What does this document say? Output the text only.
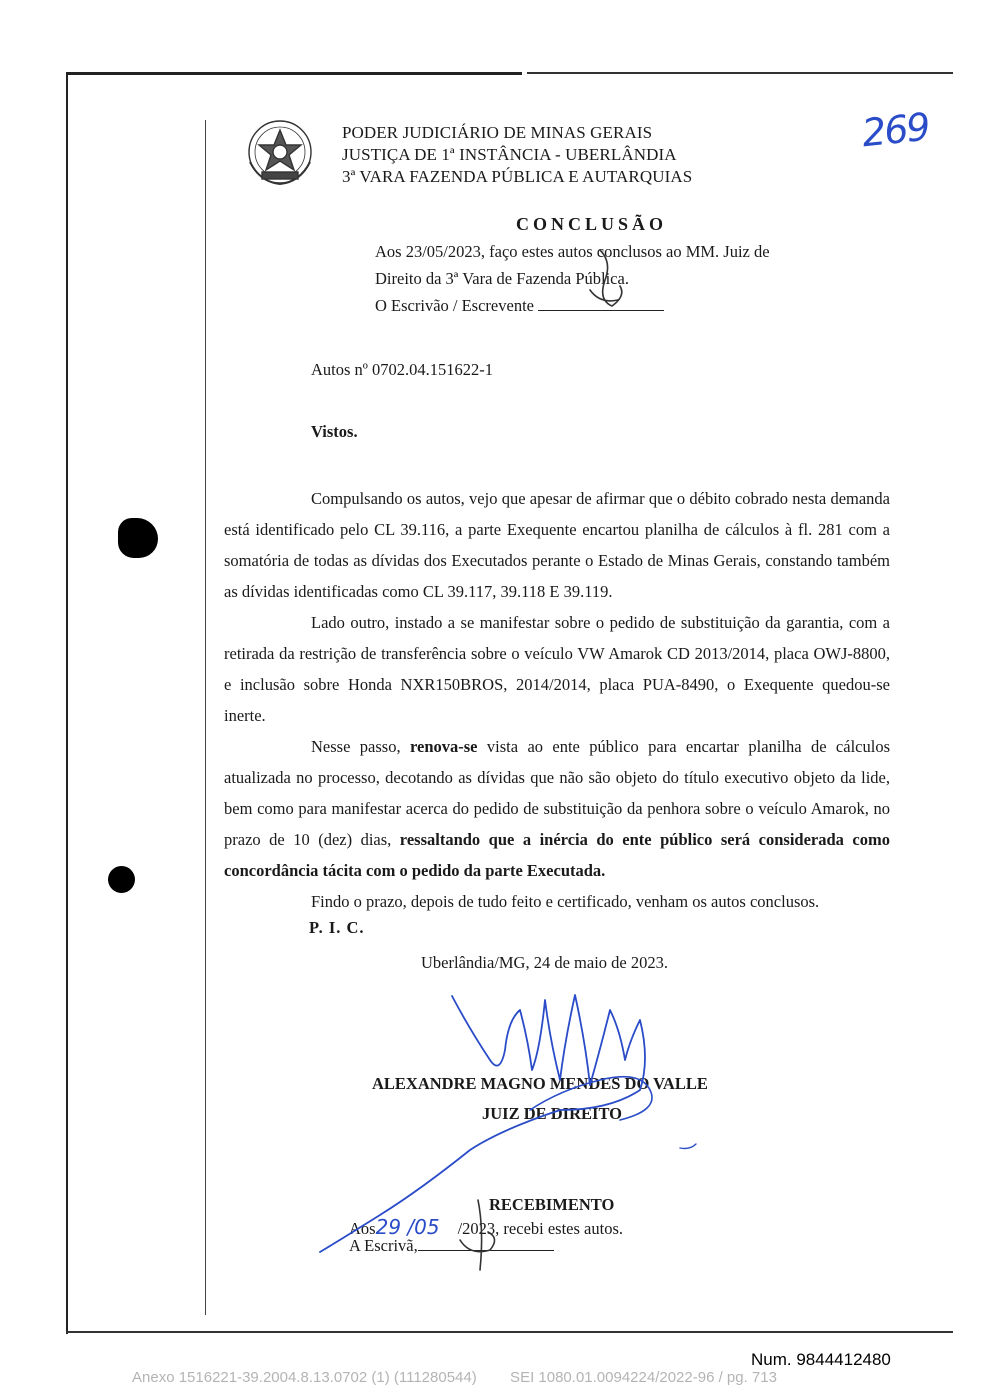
PODER JUDICIÁRIO DE MINAS GERAIS
JUSTIÇA DE 1ª INSTÂNCIA - UBERLÂNDIA
3ª VARA FAZENDA PÚBLICA E AUTARQUIAS
269
CONCLUSÃO
Aos 23/05/2023, faço estes autos conclusos ao MM. Juiz de
Direito da 3ª Vara de Fazenda Pública.
O Escrivão / Escrevente
Autos nº 0702.04.151622-1
Vistos.

Compulsando os autos, vejo que apesar de afirmar que o débito cobrado nesta demanda está identificado pelo CL 39.116, a parte Exequente encartou planilha de cálculos à fl. 281 com a somatória de todas as dívidas dos Executados perante o Estado de Minas Gerais, constando também as dívidas identificadas como CL 39.117, 39.118 E 39.119.

Lado outro, instado a se manifestar sobre o pedido de substituição da garantia, com a retirada da restrição de transferência sobre o veículo VW Amarok CD 2013/2014, placa OWJ-8800, e inclusão sobre Honda NXR150BROS, 2014/2014, placa PUA-8490, o Exequente quedou-se inerte.

Nesse passo, renova-se vista ao ente público para encartar planilha de cálculos atualizada no processo, decotando as dívidas que não são objeto do título executivo objeto da lide, bem como para manifestar acerca do pedido de substituição da penhora sobre o veículo Amarok, no prazo de 10 (dez) dias, ressaltando que a inércia do ente público será considerada como concordância tácita com o pedido da parte Executada.

Findo o prazo, depois de tudo feito e certificado, venham os autos conclusos.

P. I. C.
Uberlândia/MG, 24 de maio de 2023.
ALEXANDRE MAGNO MENDES DO VALLE
JUIZ DE DIREITO
RECEBIMENTO
Aos29 /05 /2023, recebi estes autos.
A Escrivã,
Num. 9844412480
Anexo 1516221-39.2004.8.13.0702 (1) (111280544)        SEI 1080.01.0094224/2022-96 / pg. 713
